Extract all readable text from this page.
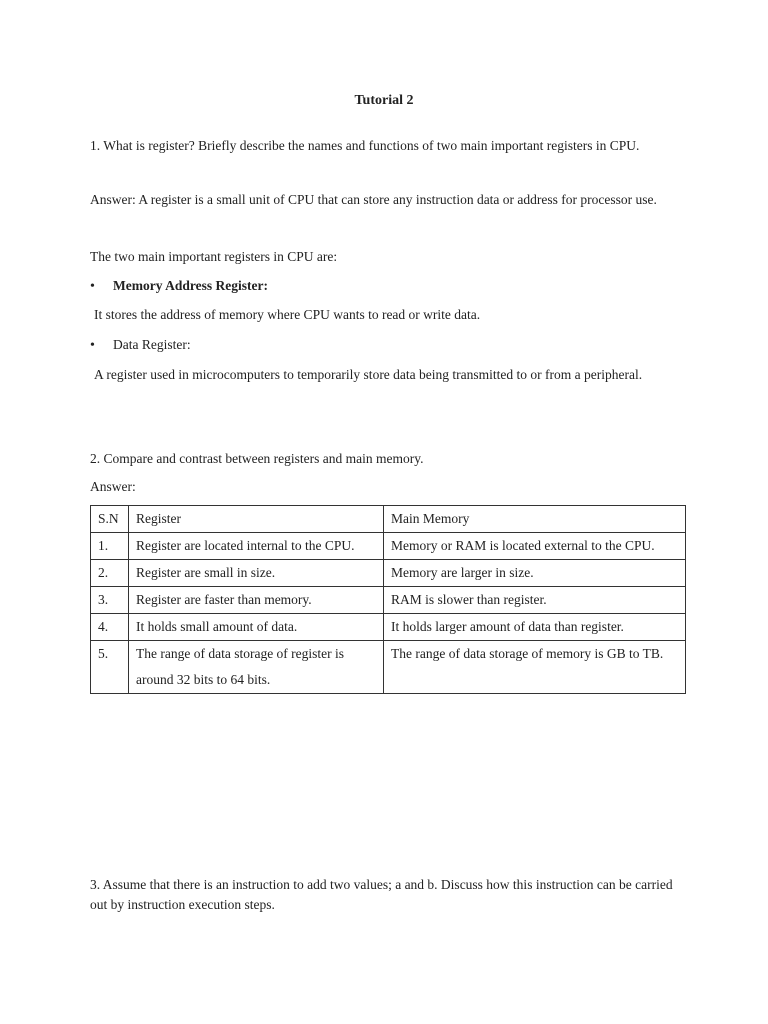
Tutorial 2

1. What is register? Briefly describe the names and functions of two main important registers in CPU.

Answer: A register is a small unit of CPU that can store any instruction data or address for processor use.

The two main important registers in CPU are:

•	Memory Address Register:

It stores the address of memory where CPU wants to read or write data.

•	Data Register:

A register used in microcomputers to temporarily store data being transmitted to or from a peripheral.

2. Compare and contrast between registers and main memory.

Answer:

S.N	Register	Main Memory
1.	Register are located internal to the CPU.	Memory or RAM is located external to the CPU.
2.	Register are small in size.	Memory are larger in size.
3.	Register are faster than memory.	RAM is slower than register.
4.	It holds small amount of data.	It holds larger amount of data than register.
5.	The range of data storage of register is around 32 bits to 64 bits.	The range of data storage of memory is GB to TB.

3. Assume that there is an instruction to add two values; a and b. Discuss how this instruction can be carried out by instruction execution steps.
